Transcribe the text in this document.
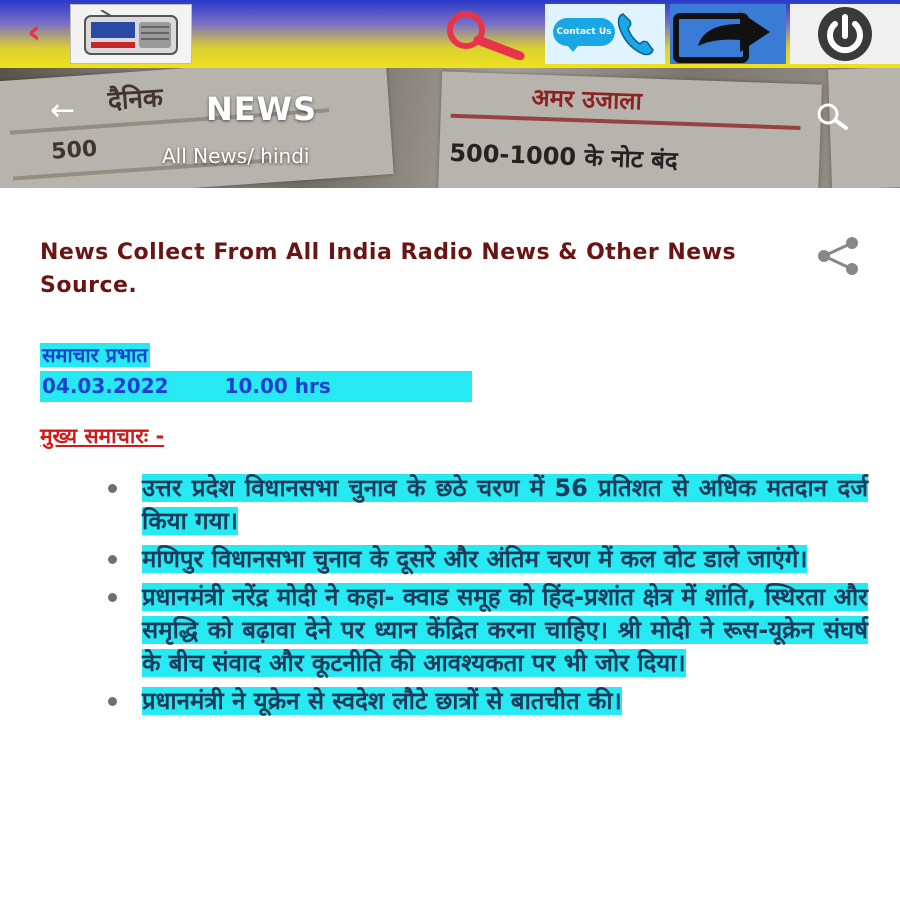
‹	Contact Us
दैनिक
500
अमर उजाला
500-1000 के नोट बंद
←	NEWS
All News/ hindi
News Collect From All India Radio News & Other News Source.
समाचार प्रभात
04.03.2022	10.00 hrs
मुख्य समाचारः -
उत्तर प्रदेश विधानसभा चुनाव के छठे चरण में 56 प्रतिशत से अधिक मतदान दर्ज किया गया।
मणिपुर विधानसभा चुनाव के दूसरे और अंतिम चरण में कल वोट डाले जाएंगे।
प्रधानमंत्री नरेंद्र मोदी ने कहा- क्वाड समूह को हिंद-प्रशांत क्षेत्र में शांति, स्थिरता और समृद्धि को बढ़ावा देने पर ध्यान केंद्रित करना चाहिए। श्री मोदी ने रूस-यूक्रेन संघर्ष के बीच संवाद और कूटनीति की आवश्यकता पर भी जोर दिया।
प्रधानमंत्री ने यूक्रेन से स्वदेश लौटे छात्रों से बातचीत की।
